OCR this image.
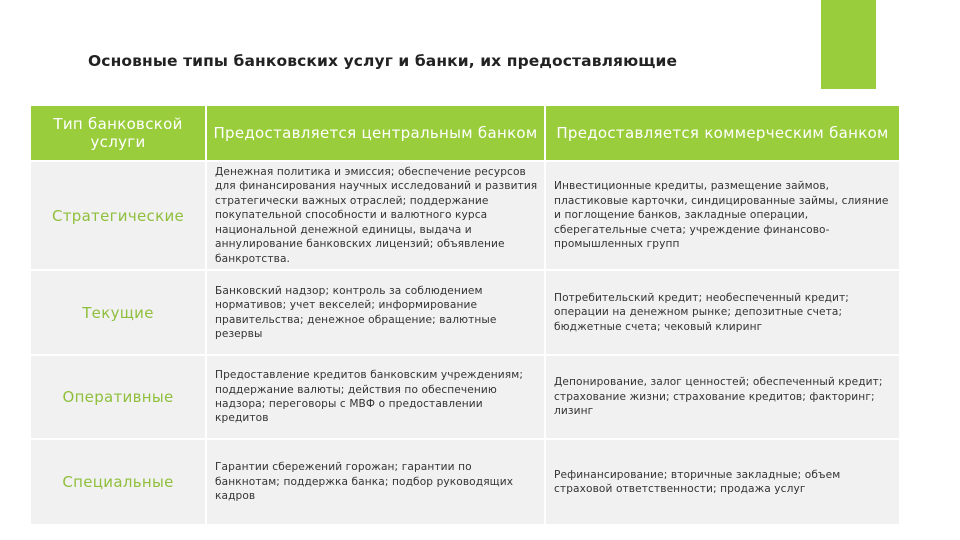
Основные типы банковских услуг и банки, их предоставляющие
Тип банковской услуги	Предоставляется центральным банком	Предоставляется коммерческим банком
Стратегические	Денежная политика и эмиссия; обеспечение ресурсов для финансирования научных исследований и развития стратегически важных отраслей; поддержание покупательной способности и валютного курса национальной денежной единицы, выдача и аннулирование банковских лицензий; объявление банкротства.	Инвестиционные кредиты, размещение займов, пластиковые карточки, синдицированные займы, слияние и поглощение банков, закладные операции, сберегательные счета; учреждение финансово-промышленных групп
Текущие	Банковский надзор; контроль за соблюдением нормативов; учет векселей; информирование правительства; денежное обращение; валютные резервы	Потребительский кредит; необеспеченный кредит; операции на денежном рынке; депозитные счета; бюджетные счета; чековый клиринг
Оперативные	Предоставление кредитов банковским учреждениям; поддержание валюты; действия по обеспечению надзора; переговоры с МВФ о предоставлении кредитов	Депонирование, залог ценностей; обеспеченный кредит; страхование жизни; страхование кредитов; факторинг; лизинг
Специальные	Гарантии сбережений горожан; гарантии по банкнотам; поддержка банка; подбор руководящих кадров	Рефинансирование; вторичные закладные; объем страховой ответственности; продажа услуг
